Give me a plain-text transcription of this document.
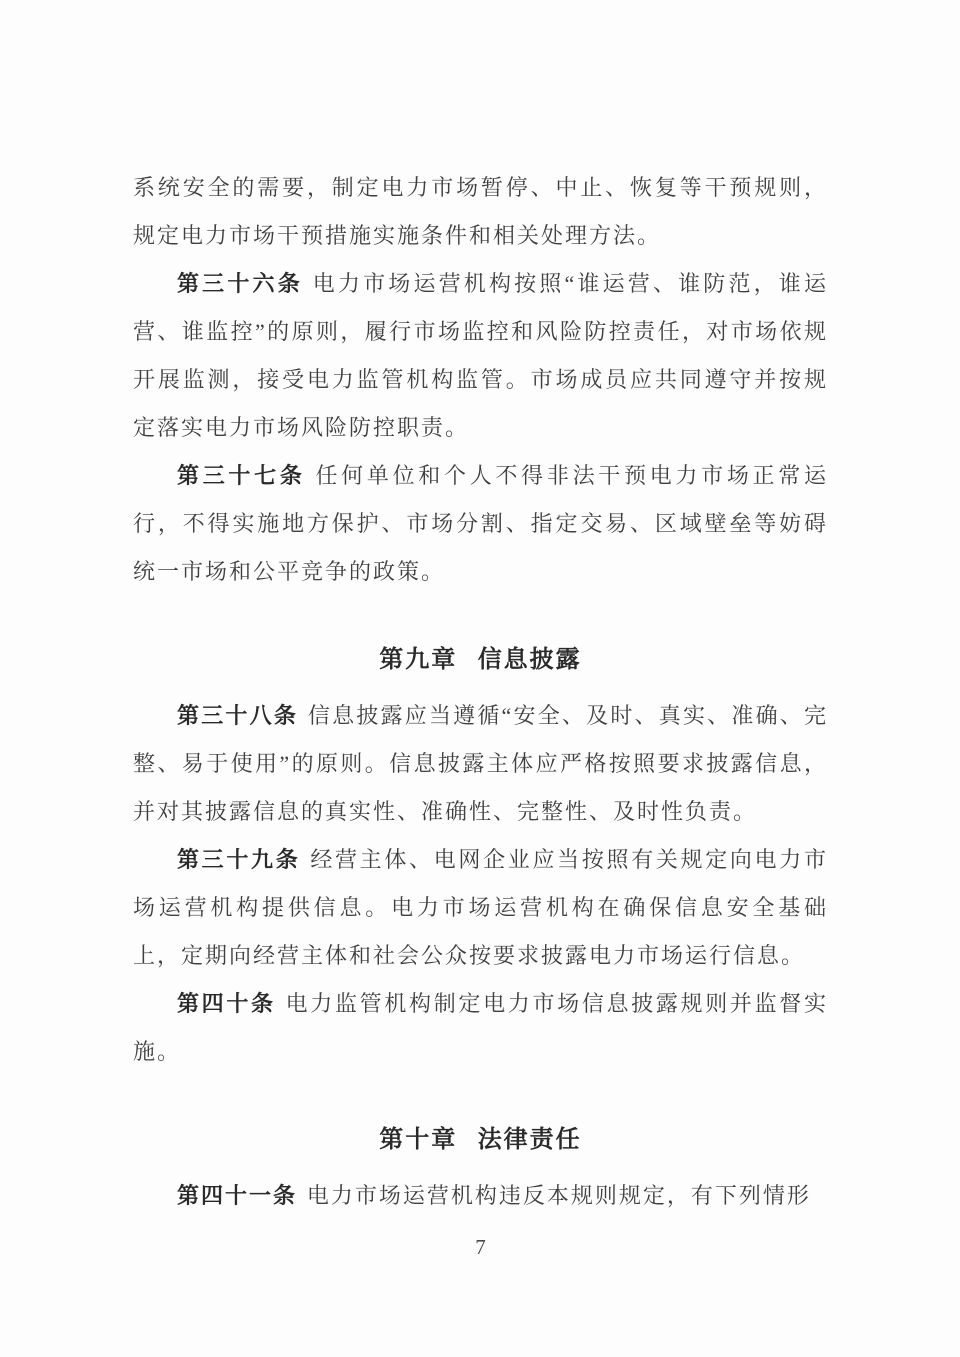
系统安全的需要，制定电力市场暂停、中止、恢复等干预规则，规定电力市场干预措施实施条件和相关处理方法。

第三十六条 电力市场运营机构按照“谁运营、谁防范，谁运营、谁监控”的原则，履行市场监控和风险防控责任，对市场依规开展监测，接受电力监管机构监管。市场成员应共同遵守并按规定落实电力市场风险防控职责。

第三十七条 任何单位和个人不得非法干预电力市场正常运行，不得实施地方保护、市场分割、指定交易、区域壁垒等妨碍统一市场和公平竞争的政策。

第九章 信息披露

第三十八条 信息披露应当遵循“安全、及时、真实、准确、完整、易于使用”的原则。信息披露主体应严格按照要求披露信息，并对其披露信息的真实性、准确性、完整性、及时性负责。

第三十九条 经营主体、电网企业应当按照有关规定向电力市场运营机构提供信息。电力市场运营机构在确保信息安全基础上，定期向经营主体和社会公众按要求披露电力市场运行信息。

第四十条 电力监管机构制定电力市场信息披露规则并监督实施。

第十章 法律责任

第四十一条 电力市场运营机构违反本规则规定，有下列情形

7
